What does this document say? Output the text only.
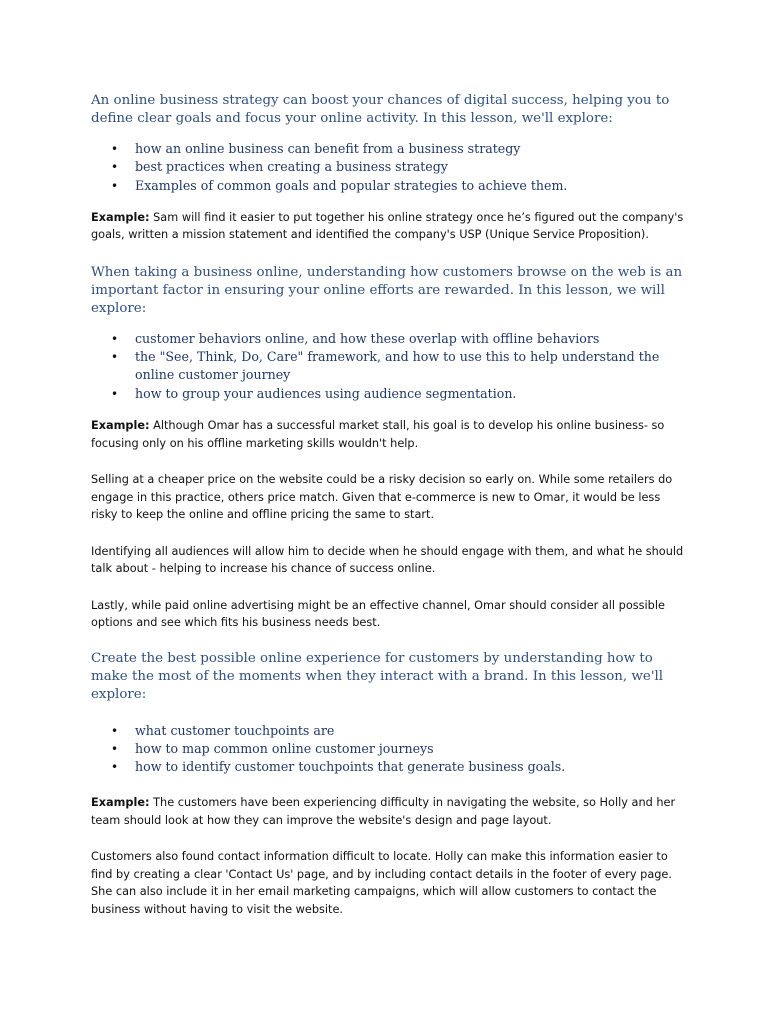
An online business strategy can boost your chances of digital success, helping you to define clear goals and focus your online activity. In this lesson, we'll explore:

• how an online business can benefit from a business strategy
• best practices when creating a business strategy
• Examples of common goals and popular strategies to achieve them.

Example: Sam will find it easier to put together his online strategy once he’s figured out the company's goals, written a mission statement and identified the company's USP (Unique Service Proposition).

When taking a business online, understanding how customers browse on the web is an important factor in ensuring your online efforts are rewarded. In this lesson, we will explore:

• customer behaviors online, and how these overlap with offline behaviors
• the "See, Think, Do, Care" framework, and how to use this to help understand the online customer journey
• how to group your audiences using audience segmentation.

Example: Although Omar has a successful market stall, his goal is to develop his online business- so focusing only on his offline marketing skills wouldn't help.

Selling at a cheaper price on the website could be a risky decision so early on. While some retailers do engage in this practice, others price match. Given that e-commerce is new to Omar, it would be less risky to keep the online and offline pricing the same to start.

Identifying all audiences will allow him to decide when he should engage with them, and what he should talk about - helping to increase his chance of success online.

Lastly, while paid online advertising might be an effective channel, Omar should consider all possible options and see which fits his business needs best.

Create the best possible online experience for customers by understanding how to make the most of the moments when they interact with a brand. In this lesson, we'll explore:

• what customer touchpoints are
• how to map common online customer journeys
• how to identify customer touchpoints that generate business goals.

Example: The customers have been experiencing difficulty in navigating the website, so Holly and her team should look at how they can improve the website's design and page layout.

Customers also found contact information difficult to locate. Holly can make this information easier to find by creating a clear 'Contact Us' page, and by including contact details in the footer of every page. She can also include it in her email marketing campaigns, which will allow customers to contact the business without having to visit the website.
